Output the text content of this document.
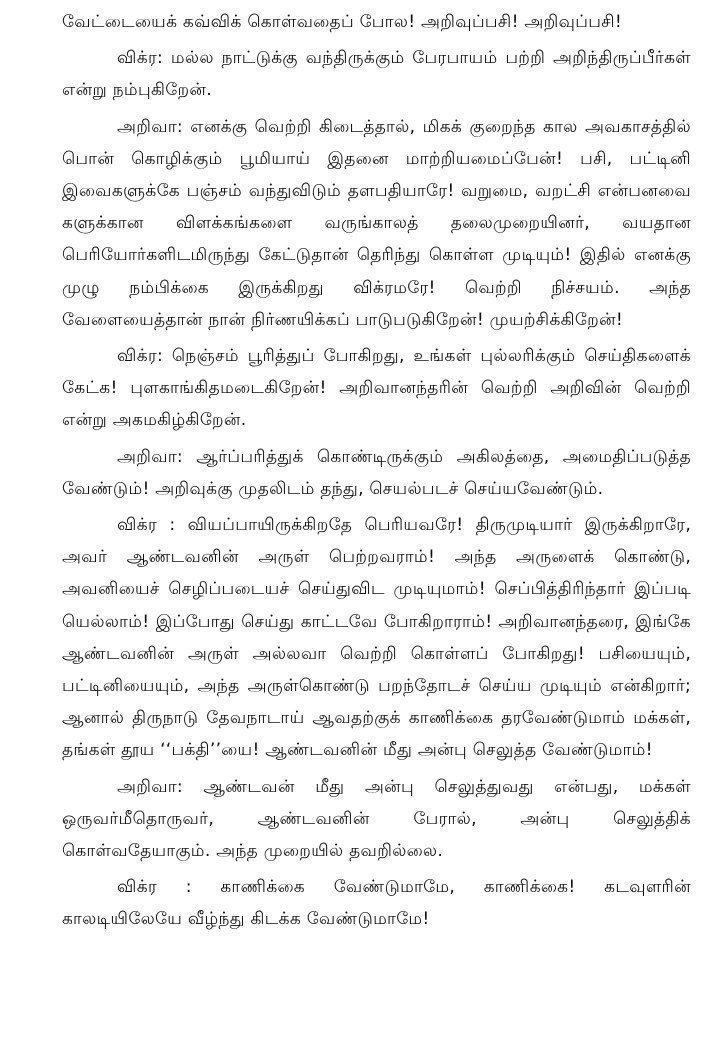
வேட்டையைக் கவ்விக் கொள்வதைப் போல! அறிவுப்பசி! அறிவுப்பசி!

விக்ர: மல்ல நாட்டுக்கு வந்திருக்கும் பேரபாயம் பற்றி அறிந்திருப்பீர்கள் என்று நம்புகிறேன்.

அறிவா: எனக்கு வெற்றி கிடைத்தால், மிகக் குறைந்த கால அவகாசத்தில் பொன் கொழிக்கும் பூமியாய் இதனை மாற்றியமைப்பேன்! பசி, பட்டினி இவைகளுக்கே பஞ்சம் வந்துவிடும் தளபதியாரே! வறுமை, வறட்சி என்பனவை களுக்கான விளக்கங்களை வருங்காலத் தலைமுறையினர், வயதான பெரியோர்களிடமிருந்து கேட்டுதான் தெரிந்து கொள்ள முடியும்! இதில் எனக்கு முழு நம்பிக்கை இருக்கிறது விக்ரமரே! வெற்றி நிச்சயம். அந்த வேளையைத்தான் நான் நிர்ணயிக்கப் பாடுபடுகிறேன்! முயற்சிக்கிறேன்!

விக்ர: நெஞ்சம் பூரித்துப் போகிறது, உங்கள் புல்லரிக்கும் செய்திகளைக் கேட்க! புளகாங்கிதமடைகிறேன்! அறிவானந்தரின் வெற்றி அறிவின் வெற்றி என்று அகமகிழ்கிறேன்.

அறிவா: ஆர்ப்பரித்துக் கொண்டிருக்கும் அகிலத்தை, அமைதிப்படுத்த வேண்டும்! அறிவுக்கு முதலிடம் தந்து, செயல்படச் செய்யவேண்டும்.

விக்ர : வியப்பாயிருக்கிறதே பெரியவரே! திருமுடியார் இருக்கிறாரே, அவர் ஆண்டவனின் அருள் பெற்றவராம்! அந்த அருளைக் கொண்டு, அவனியைச் செழிப்படையச் செய்துவிட முடியுமாம்! செப்பித்திரிந்தார் இப்படி யெல்லாம்! இப்போது செய்து காட்டவே போகிறாராம்! அறிவானந்தரை, இங்கே ஆண்டவனின் அருள் அல்லவா வெற்றி கொள்ளப் போகிறது! பசியையும், பட்டினியையும், அந்த அருள்கொண்டு பறந்தோடச் செய்ய முடியும் என்கிறார்; ஆனால் திருநாடு தேவநாடாய் ஆவதற்குக் காணிக்கை தரவேண்டுமாம் மக்கள், தங்கள் தூய ‘‘பக்தி’’யை! ஆண்டவனின் மீது அன்பு செலுத்த வேண்டுமாம்!

அறிவா: ஆண்டவன் மீது அன்பு செலுத்துவது என்பது, மக்கள் ஒருவர்மீதொருவர், ஆண்டவனின் பேரால், அன்பு செலுத்திக் கொள்வதேயாகும். அந்த முறையில் தவறில்லை.

விக்ர : காணிக்கை வேண்டுமாமே, காணிக்கை! கடவுளரின் காலடியிலேயே வீழ்ந்து கிடக்க வேண்டுமாமே!
